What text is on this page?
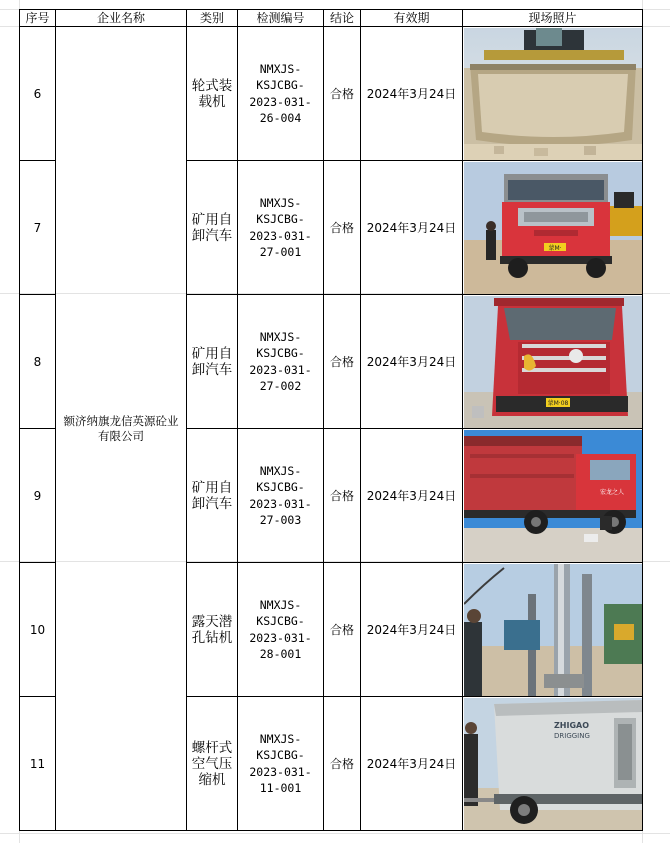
序号	企业名称	类别	检测编号	结论	有效期	现场照片
6	额济纳旗龙信英源砼业有限公司	轮式装载机	NMXJS-
KSJCBG-
2023-031-
26-004	合格	2024年3月24日	

7		矿用自卸汽车	NMXJS-
KSJCBG-
2023-031-
27-001	合格	2024年3月24日	蒙M·

8		矿用自卸汽车	NMXJS-
KSJCBG-
2023-031-
27-002	合格	2024年3月24日	蒙M·08

9		矿用自卸汽车	NMXJS-
KSJCBG-
2023-031-
27-003	合格	2024年3月24日	宏龙之人

10		露天潜孔钻机	NMXJS-
KSJCBG-
2023-031-
28-001	合格	2024年3月24日	

11		螺杆式空气压缩机	NMXJS-
KSJCBG-
2023-031-
11-001	合格	2024年3月24日	ZHIGAO
DRIGGING
